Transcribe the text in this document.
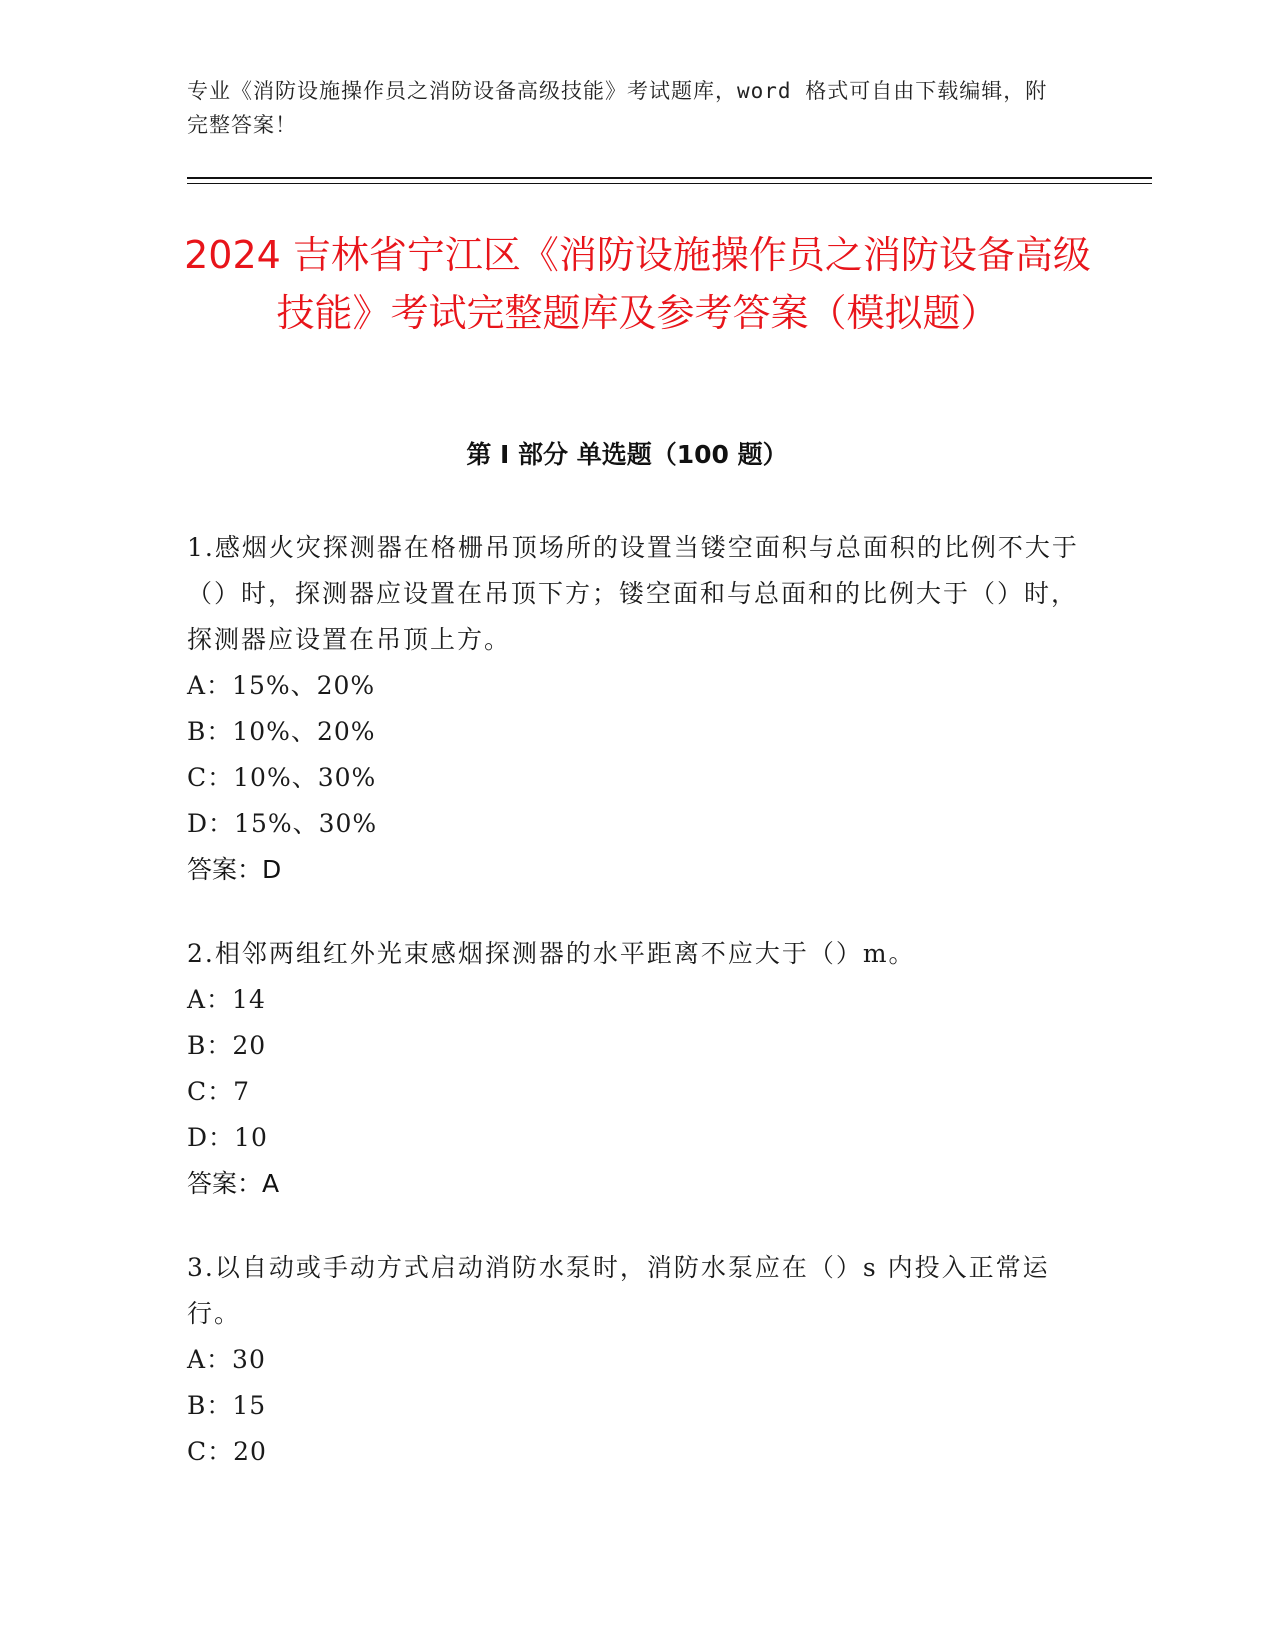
专业《消防设施操作员之消防设备高级技能》考试题库，word 格式可自由下载编辑，附完整答案！
2024 吉林省宁江区《消防设施操作员之消防设备高级技能》考试完整题库及参考答案（模拟题）
第 I 部分 单选题（100 题）
1.感烟火灾探测器在格栅吊顶场所的设置当镂空面积与总面积的比例不大于（）时，探测器应设置在吊顶下方；镂空面和与总面和的比例大于（）时，探测器应设置在吊顶上方。
A：15%、20%
B：10%、20%
C：10%、30%
D：15%、30%
答案：D
2.相邻两组红外光束感烟探测器的水平距离不应大于（）m。
A：14
B：20
C：7
D：10
答案：A
3.以自动或手动方式启动消防水泵时，消防水泵应在（）s 内投入正常运行。
A：30
B：15
C：20
